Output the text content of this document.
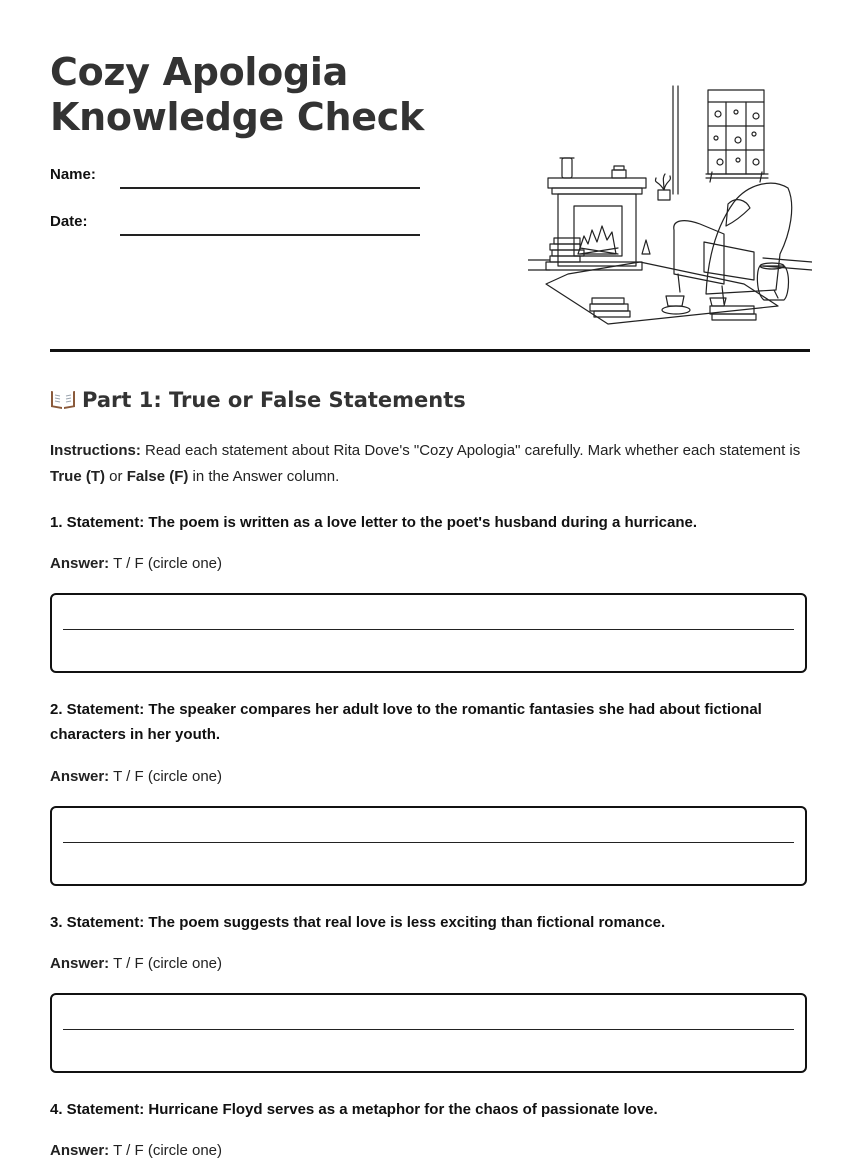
Cozy Apologia
Knowledge Check
Name:
Date:
Part 1: True or False Statements
Instructions: Read each statement about Rita Dove's "Cozy Apologia" carefully. Mark whether each statement is True (T) or False (F) in the Answer column.
1. Statement: The poem is written as a love letter to the poet's husband during a hurricane.
Answer: T / F (circle one)
2. Statement: The speaker compares her adult love to the romantic fantasies she had about fictional characters in her youth.
Answer: T / F (circle one)
3. Statement: The poem suggests that real love is less exciting than fictional romance.
Answer: T / F (circle one)
4. Statement: Hurricane Floyd serves as a metaphor for the chaos of passionate love.
Answer: T / F (circle one)
